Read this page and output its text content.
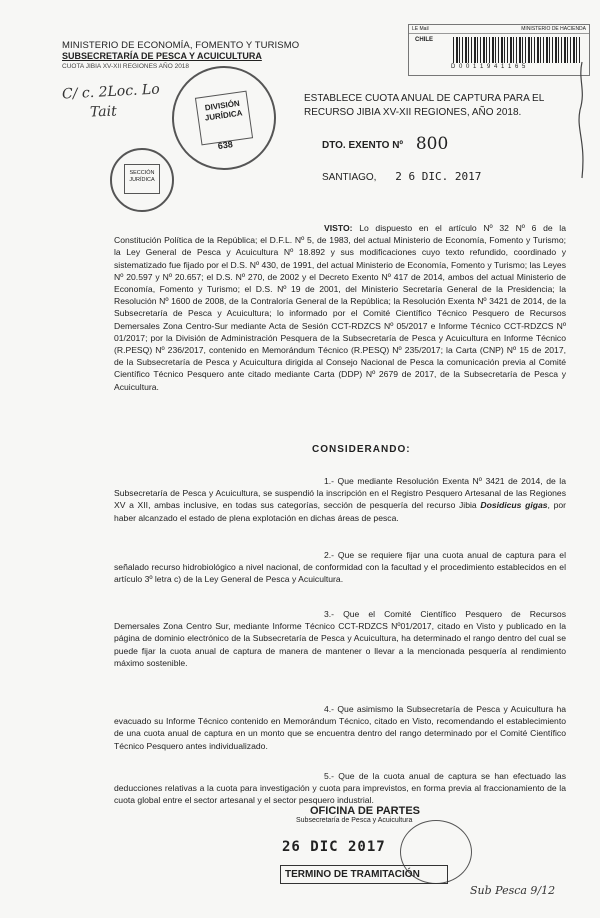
MINISTERIO DE ECONOMÍA, FOMENTO Y TURISMO
SUBSECRETARÍA DE PESCA Y ACUICULTURA
CUOTA JIBIA XV-XII REGIONES AÑO 2018
C/ c. 2Loc. Lo
Tait	DIVISIÓN JURÍDICA
638
SECCIÓN JURÍDICA
LE Mail	MINISTERIO DE HACIENDA
CHILE
D 0 0 1 1 9 4 1 1 6 5
ESTABLECE CUOTA ANUAL DE CAPTURA PARA EL
RECURSO JIBIA XV-XII REGIONES, AÑO 2018.
DTO. EXENTO Nº 800
SANTIAGO, 2 6 DIC. 2017

VISTO: Lo dispuesto en el artículo Nº 32 Nº 6 de la Constitución Política de la República; el D.F.L. Nº 5, de 1983, del actual Ministerio de Economía, Fomento y Turismo; la Ley General de Pesca y Acuicultura Nº 18.892 y sus modificaciones cuyo texto refundido, coordinado y sistematizado fue fijado por el D.S. Nº 430, de 1991, del actual Ministerio de Economía, Fomento y Turismo; las Leyes Nº 20.597 y Nº 20.657; el D.S. Nº 270, de 2002 y el Decreto Exento Nº 417 de 2014, ambos del actual Ministerio de Economía, Fomento y Turismo; el D.S. Nº 19 de 2001, del Ministerio Secretaría General de la Presidencia; la Resolución Nº 1600 de 2008, de la Contraloría General de la República; la Resolución Exenta Nº 3421 de 2014, de la Subsecretaría de Pesca y Acuicultura; lo informado por el Comité Científico Técnico Pesquero de Recursos Demersales Zona Centro-Sur mediante Acta de Sesión CCT-RDZCS Nº 05/2017 e Informe Técnico CCT-RDZCS Nº 01/2017; por la División de Administración Pesquera de la Subsecretaría de Pesca y Acuicultura en Informe Técnico (R.PESQ) Nº 236/2017, contenido en Memorándum Técnico (R.PESQ) Nº 235/2017; la Carta (CNP) Nº 15 de 2017, de la Subsecretaría de Pesca y Acuicultura dirigida al Consejo Nacional de Pesca la comunicación previa al Comité Científico Técnico Pesquero ante citado mediante Carta (DDP) Nº 2679 de 2017, de la Subsecretaría de Pesca y Acuicultura.

CONSIDERANDO:

1.- Que mediante Resolución Exenta Nº 3421 de 2014, de la Subsecretaría de Pesca y Acuicultura, se suspendió la inscripción en el Registro Pesquero Artesanal de las Regiones XV a XII, ambas inclusive, en todas sus categorías, sección de pesquería del recurso Jibia Dosidicus gigas, por haber alcanzado el estado de plena explotación en dichas áreas de pesca.

2.- Que se requiere fijar una cuota anual de captura para el señalado recurso hidrobiológico a nivel nacional, de conformidad con la facultad y el procedimiento establecidos en el artículo 3º letra c) de la Ley General de Pesca y Acuicultura.

3.- Que el Comité Científico Pesquero de Recursos Demersales Zona Centro Sur, mediante Informe Técnico CCT-RDZCS Nº01/2017, citado en Visto y publicado en la página de dominio electrónico de la Subsecretaría de Pesca y Acuicultura, ha determinado el rango dentro del cual se puede fijar la cuota anual de captura de manera de mantener o llevar a la mencionada pesquería al rendimiento máximo sostenible.

4.- Que asimismo la Subsecretaría de Pesca y Acuicultura ha evacuado su Informe Técnico contenido en Memorándum Técnico, citado en Visto, recomendando el establecimiento de una cuota anual de captura en un monto que se encuentra dentro del rango determinado por el Comité Científico Técnico Pesquero antes individualizado.

5.- Que de la cuota anual de captura se han efectuado las deducciones relativas a la cuota para investigación y cuota para imprevistos, en forma previa al fraccionamiento de la cuota global entre el sector artesanal y el sector pesquero industrial.

OFICINA DE PARTES
Subsecretaría de Pesca y Acuicultura
26 DIC 2017
TERMINO DE TRAMITACIÓN
Sub Pesca 9/12
